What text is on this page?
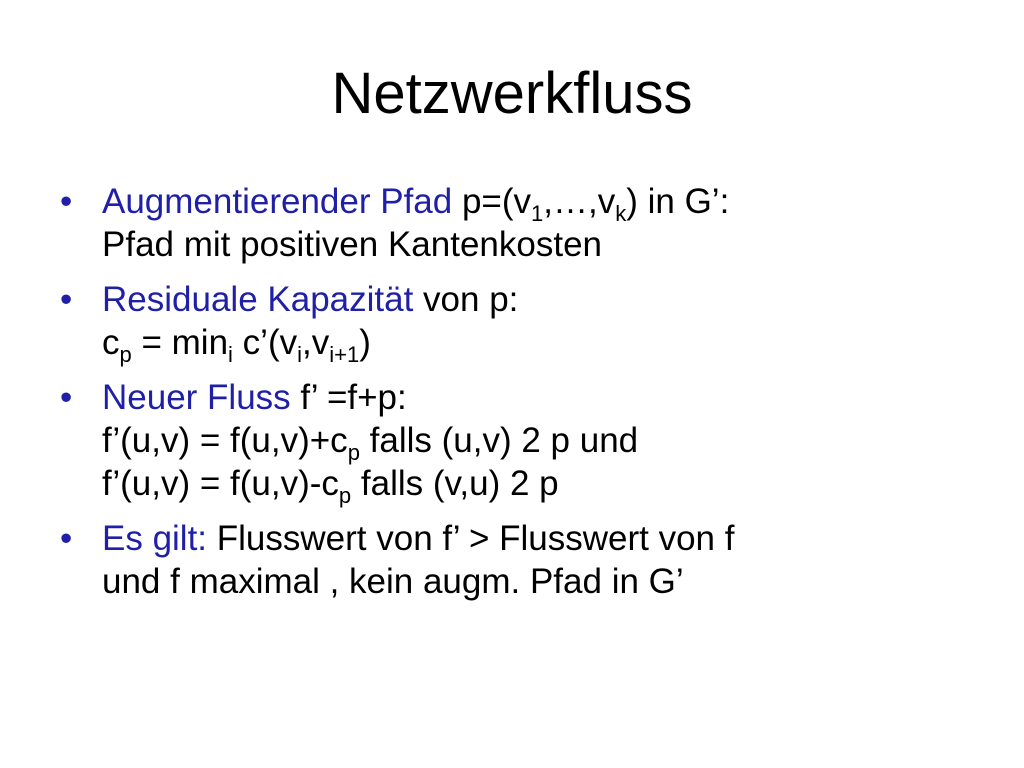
Netzwerkfluss
• Augmentierender Pfad $p=(v_1,\dots,v_k)$ in G’:
Pfad mit positiven Kantenkosten
• Residuale Kapazität von p:
$c_p = \min_i$ $c’(v_i,v_{i+1})$
• Neuer Fluss f’ =f+p:
f’(u,v) = $f(u,v)+c_p$ falls (u,v) 2 p und
f’(u,v) = $f(u,v)-c_p$ falls (v,u) 2 p
• Es gilt: Flusswert von f’ > Flusswert von f
und f maximal , kein augm. Pfad in G’
